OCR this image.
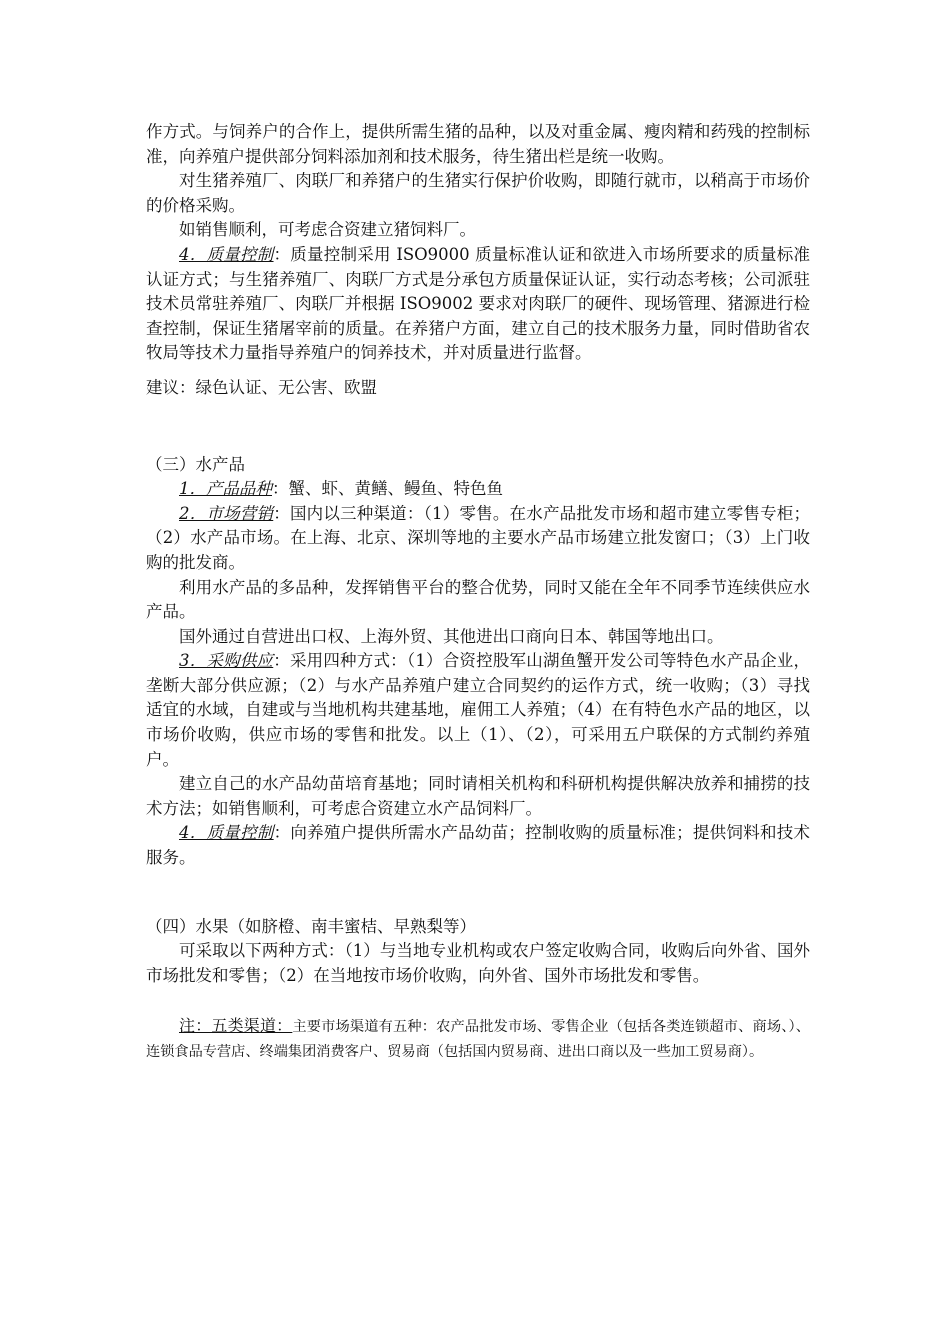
作方式。与饲养户的合作上，提供所需生猪的品种，以及对重金属、瘦肉精和药残的控制标准，向养殖户提供部分饲料添加剂和技术服务，待生猪出栏是统一收购。

对生猪养殖厂、肉联厂和养猪户的生猪实行保护价收购，即随行就市，以稍高于市场价的价格采购。

如销售顺利，可考虑合资建立猪饲料厂。

4．质量控制：质量控制采用 ISO9000 质量标准认证和欲进入市场所要求的质量标准认证方式；与生猪养殖厂、肉联厂方式是分承包方质量保证认证，实行动态考核；公司派驻技术员常驻养殖厂、肉联厂并根据 ISO9002 要求对肉联厂的硬件、现场管理、猪源进行检查控制，保证生猪屠宰前的质量。在养猪户方面，建立自己的技术服务力量，同时借助省农牧局等技术力量指导养殖户的饲养技术，并对质量进行监督。

建议：绿色认证、无公害、欧盟

（三）水产品

1．产品品种：蟹、虾、黄鳝、鳗鱼、特色鱼

2．市场营销：国内以三种渠道：（1）零售。在水产品批发市场和超市建立零售专柜；（2）水产品市场。在上海、北京、深圳等地的主要水产品市场建立批发窗口；（3）上门收购的批发商。

利用水产品的多品种，发挥销售平台的整合优势，同时又能在全年不同季节连续供应水产品。

国外通过自营进出口权、上海外贸、其他进出口商向日本、韩国等地出口。

3．采购供应：采用四种方式：（1）合资控股军山湖鱼蟹开发公司等特色水产品企业，垄断大部分供应源；（2）与水产品养殖户建立合同契约的运作方式，统一收购；（3）寻找适宜的水域，自建或与当地机构共建基地，雇佣工人养殖；（4）在有特色水产品的地区，以市场价收购，供应市场的零售和批发。以上（1）、（2），可采用五户联保的方式制约养殖户。

建立自己的水产品幼苗培育基地；同时请相关机构和科研机构提供解决放养和捕捞的技术方法；如销售顺利，可考虑合资建立水产品饲料厂。

4．质量控制：向养殖户提供所需水产品幼苗；控制收购的质量标准；提供饲料和技术服务。

（四）水果（如脐橙、南丰蜜桔、早熟梨等）

可采取以下两种方式：（1）与当地专业机构或农户签定收购合同，收购后向外省、国外市场批发和零售；（2）在当地按市场价收购，向外省、国外市场批发和零售。

注：五类渠道：主要市场渠道有五种：农产品批发市场、零售企业（包括各类连锁超市、商场、）、连锁食品专营店、终端集团消费客户、贸易商（包括国内贸易商、进出口商以及一些加工贸易商）。
